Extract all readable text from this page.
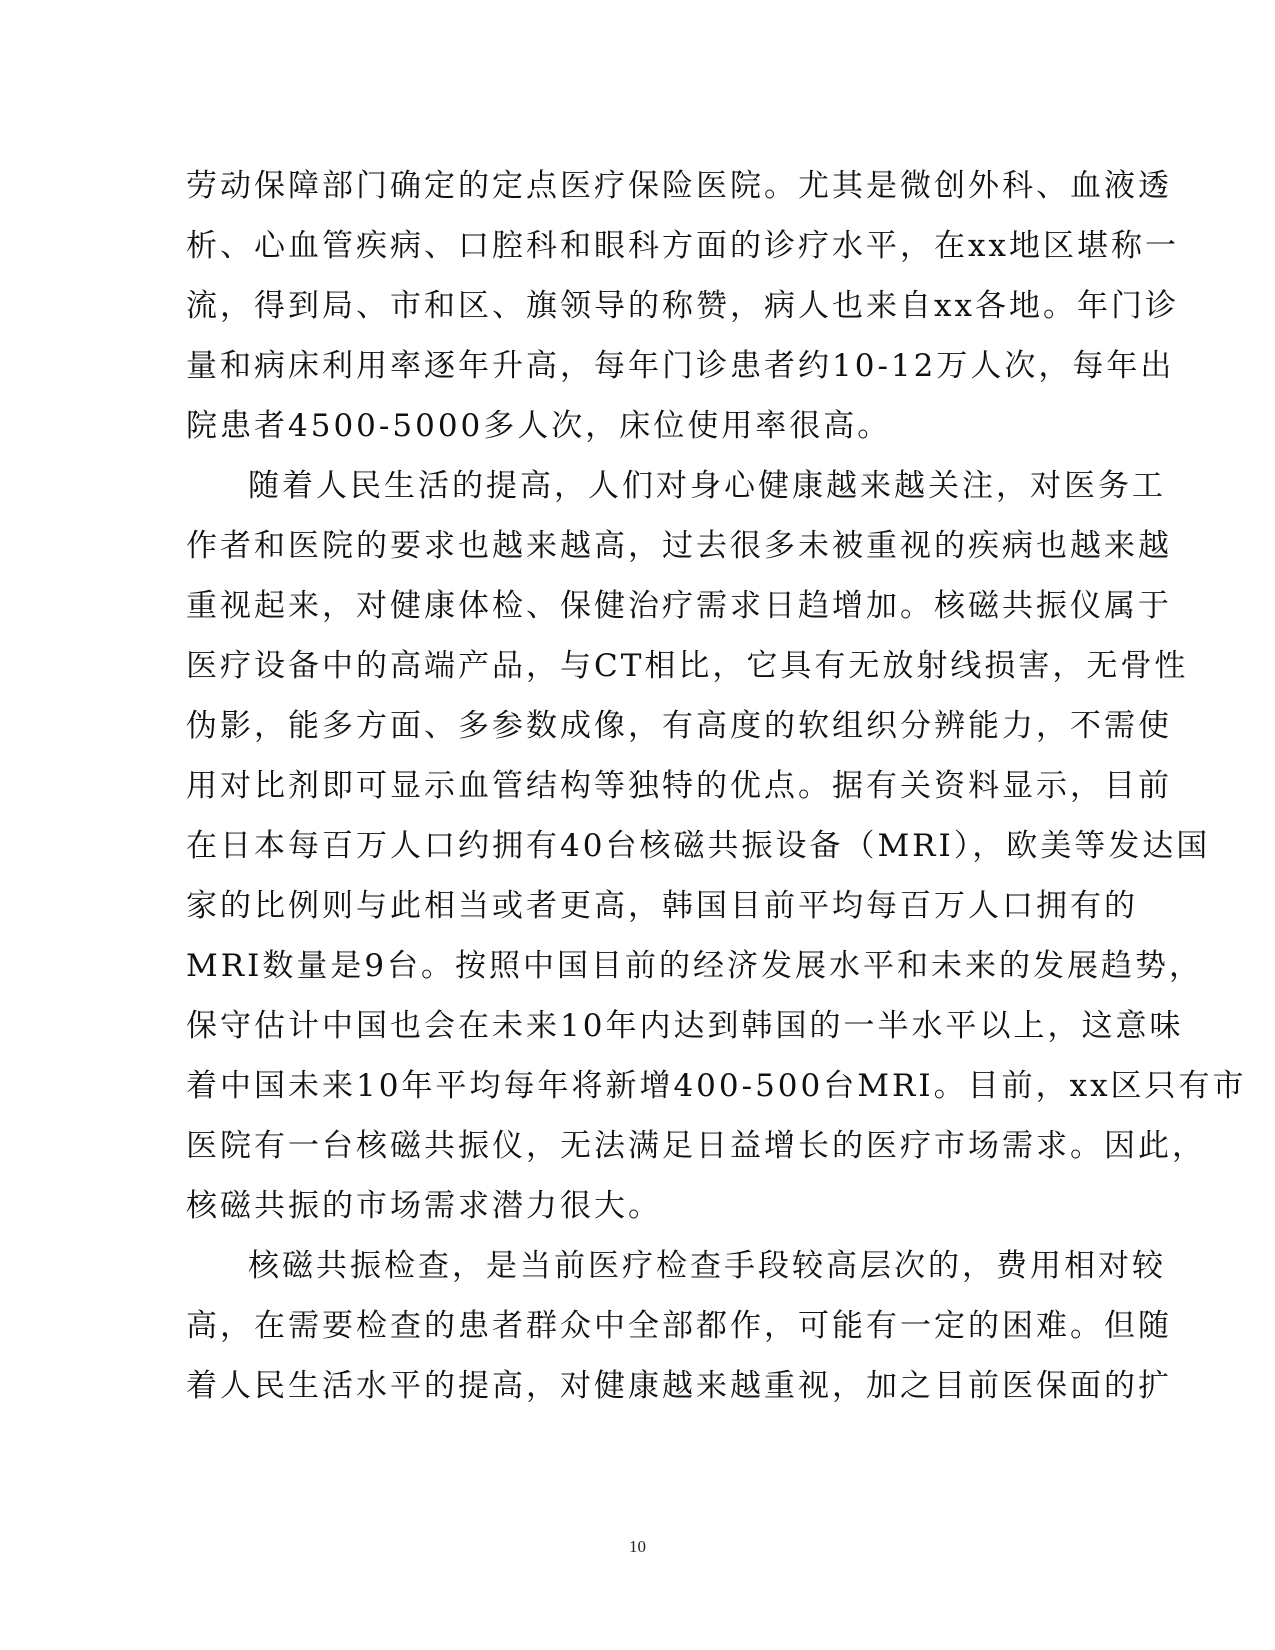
劳动保障部门确定的定点医疗保险医院。尤其是微创外科、血液透
析、心血管疾病、口腔科和眼科方面的诊疗水平，在xx地区堪称一
流，得到局、市和区、旗领导的称赞，病人也来自xx各地。年门诊
量和病床利用率逐年升高，每年门诊患者约10-12万人次，每年出
院患者4500-5000多人次，床位使用率很高。
随着人民生活的提高，人们对身心健康越来越关注，对医务工
作者和医院的要求也越来越高，过去很多未被重视的疾病也越来越
重视起来，对健康体检、保健治疗需求日趋增加。核磁共振仪属于
医疗设备中的高端产品，与CT相比，它具有无放射线损害，无骨性
伪影，能多方面、多参数成像，有高度的软组织分辨能力，不需使
用对比剂即可显示血管结构等独特的优点。据有关资料显示，目前
在日本每百万人口约拥有40台核磁共振设备（MRI），欧美等发达国
家的比例则与此相当或者更高，韩国目前平均每百万人口拥有的
MRI数量是9台。按照中国目前的经济发展水平和未来的发展趋势，
保守估计中国也会在未来10年内达到韩国的一半水平以上，这意味
着中国未来10年平均每年将新增400-500台MRI。目前，xx区只有市
医院有一台核磁共振仪，无法满足日益增长的医疗市场需求。因此，
核磁共振的市场需求潜力很大。
核磁共振检查，是当前医疗检查手段较高层次的，费用相对较
高，在需要检查的患者群众中全部都作，可能有一定的困难。但随
着人民生活水平的提高，对健康越来越重视，加之目前医保面的扩
10
